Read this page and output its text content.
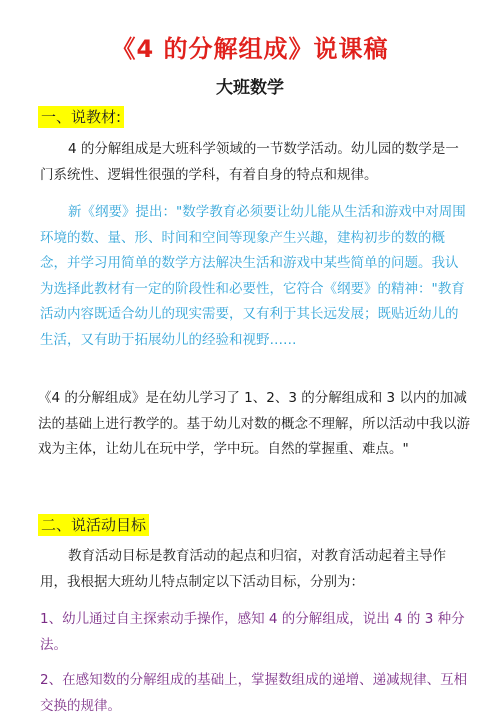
《4 的分解组成》说课稿
大班数学
一、说教材:

4 的分解组成是大班科学领域的一节数学活动。幼儿园的数学是一门系统性、逻辑性很强的学科，有着自身的特点和规律。

新《纲要》提出："数学教育必须要让幼儿能从生活和游戏中对周围环境的数、量、形、时间和空间等现象产生兴趣，建构初步的数的概念，并学习用简单的数学方法解决生活和游戏中某些简单的问题。我认为选择此教材有一定的阶段性和必要性，它符合《纲要》的精神："教育活动内容既适合幼儿的现实需要，又有利于其长远发展；既贴近幼儿的生活，又有助于拓展幼儿的经验和视野……

《4 的分解组成》是在幼儿学习了 1、2、3 的分解组成和 3 以内的加减法的基础上进行教学的。基于幼儿对数的概念不理解，所以活动中我以游戏为主体，让幼儿在玩中学，学中玩。自然的掌握重、难点。"

二、说活动目标

教育活动目标是教育活动的起点和归宿，对教育活动起着主导作用，我根据大班幼儿特点制定以下活动目标，分别为：

1、幼儿通过自主探索动手操作，感知 4 的分解组成，说出 4 的 3 种分法。

2、在感知数的分解组成的基础上，掌握数组成的递增、递减规律、互相交换的规律。
